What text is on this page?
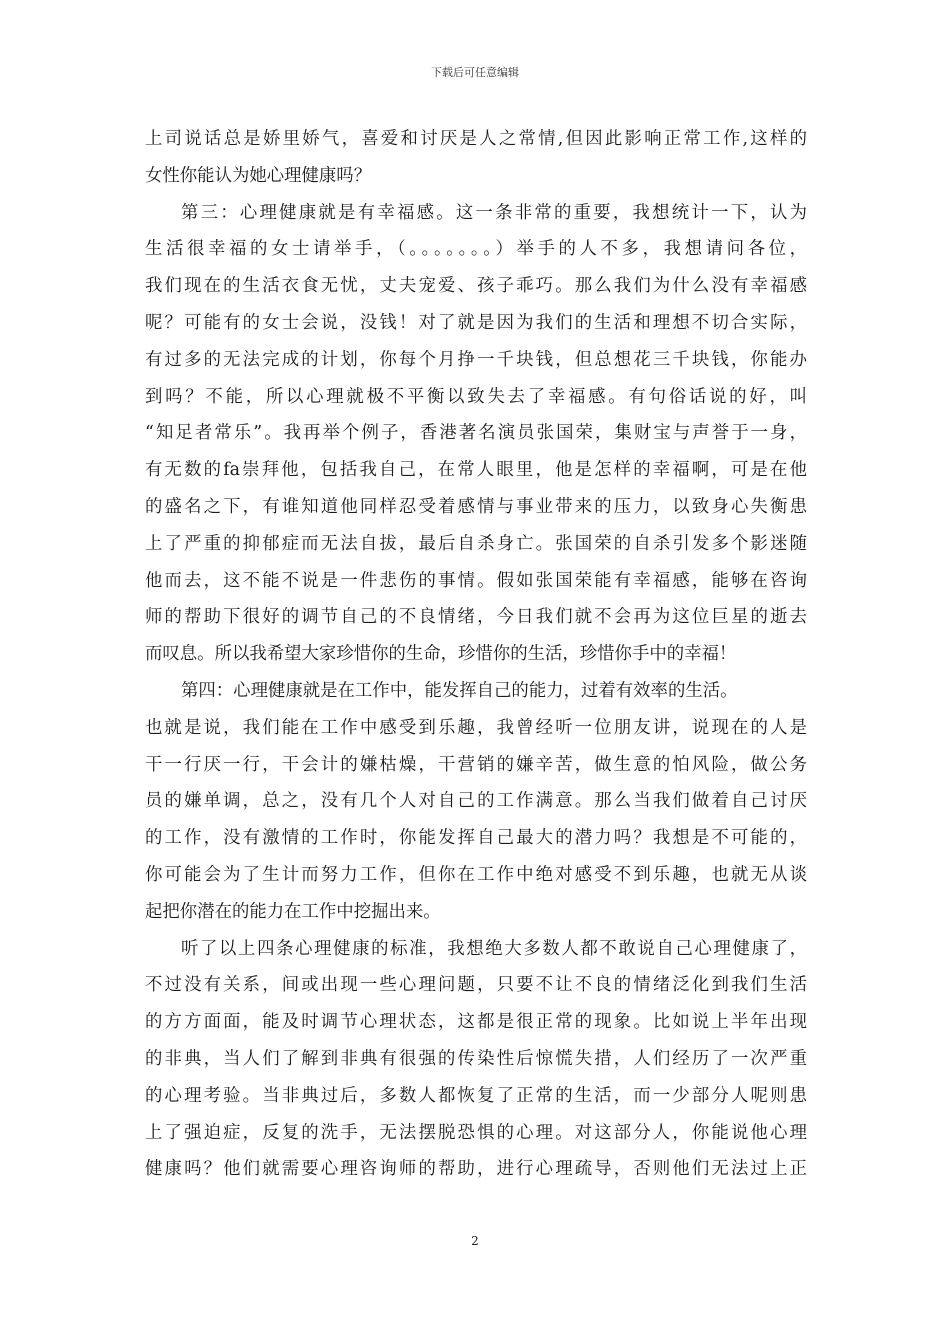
下载后可任意编辑
上司说话总是娇里娇气，喜爱和讨厌是人之常情,但因此影响正常工作,这样的
女性你能认为她心理健康吗？
第三：心理健康就是有幸福感。这一条非常的重要，我想统计一下，认为
生活很幸福的女士请举手，（。。。。。。。）举手的人不多，我想请问各位，
我们现在的生活衣食无忧，丈夫宠爱、孩子乖巧。那么我们为什么没有幸福感
呢？可能有的女士会说，没钱！对了就是因为我们的生活和理想不切合实际，
有过多的无法完成的计划，你每个月挣一千块钱，但总想花三千块钱，你能办
到吗？不能，所以心理就极不平衡以致失去了幸福感。有句俗话说的好，叫
“知足者常乐”。我再举个例子，香港著名演员张国荣，集财宝与声誉于一身，
有无数的fa崇拜他，包括我自己，在常人眼里，他是怎样的幸福啊，可是在他
的盛名之下，有谁知道他同样忍受着感情与事业带来的压力，以致身心失衡患
上了严重的抑郁症而无法自拔，最后自杀身亡。张国荣的自杀引发多个影迷随
他而去，这不能不说是一件悲伤的事情。假如张国荣能有幸福感，能够在咨询
师的帮助下很好的调节自己的不良情绪，今日我们就不会再为这位巨星的逝去
而叹息。所以我希望大家珍惜你的生命，珍惜你的生活，珍惜你手中的幸福！
第四：心理健康就是在工作中，能发挥自己的能力，过着有效率的生活。
也就是说，我们能在工作中感受到乐趣，我曾经听一位朋友讲，说现在的人是
干一行厌一行，干会计的嫌枯燥，干营销的嫌辛苦，做生意的怕风险，做公务
员的嫌单调，总之，没有几个人对自己的工作满意。那么当我们做着自己讨厌
的工作，没有激情的工作时，你能发挥自己最大的潜力吗？我想是不可能的，
你可能会为了生计而努力工作，但你在工作中绝对感受不到乐趣，也就无从谈
起把你潜在的能力在工作中挖掘出来。
听了以上四条心理健康的标准，我想绝大多数人都不敢说自己心理健康了，
不过没有关系，间或出现一些心理问题，只要不让不良的情绪泛化到我们生活
的方方面面，能及时调节心理状态，这都是很正常的现象。比如说上半年出现
的非典，当人们了解到非典有很强的传染性后惊慌失措，人们经历了一次严重
的心理考验。当非典过后，多数人都恢复了正常的生活，而一少部分人呢则患
上了强迫症，反复的洗手，无法摆脱恐惧的心理。对这部分人，你能说他心理
健康吗？他们就需要心理咨询师的帮助，进行心理疏导，否则他们无法过上正
2
